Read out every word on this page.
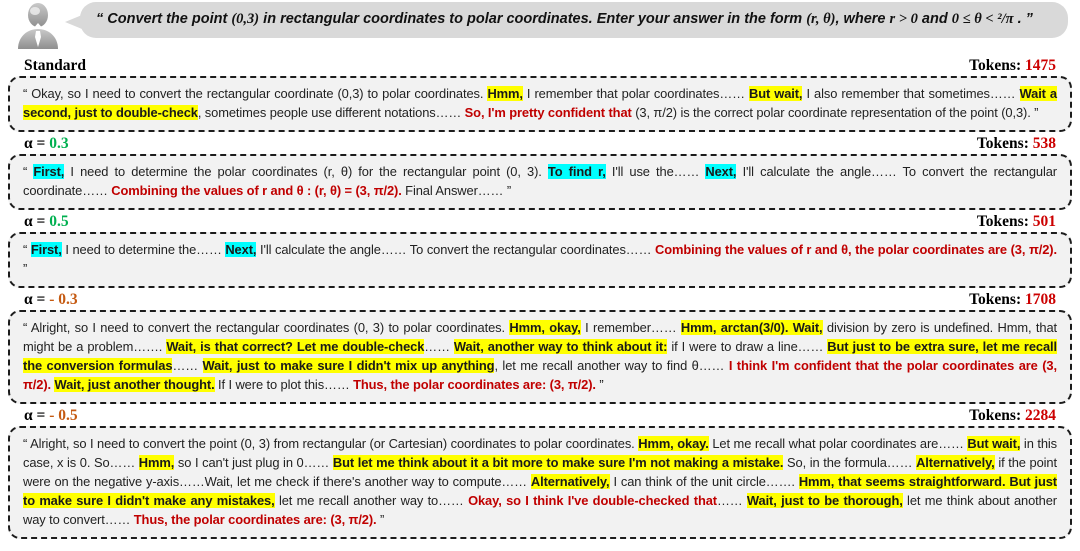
“ Convert the point (0,3) in rectangular coordinates to polar coordinates. Enter your answer in the form (r, θ), where r > 0 and 0 ≤ θ < ²/π . ”
Standard	Tokens: 1475

“ Okay, so I need to convert the rectangular coordinate (0,3) to polar coordinates. Hmm, I remember that polar coordinates…… But wait, I also remember that sometimes…… Wait a second, just to double-check, sometimes people use different notations…… So, I'm pretty confident that (3, π/2) is the correct polar coordinate representation of the point (0,3). ”

α = 0.3	Tokens: 538

“ First, I need to determine the polar coordinates (r, θ) for the rectangular point (0, 3). To find r, I'll use the…… Next, I'll calculate the angle…… To convert the rectangular coordinate…… Combining the values of r and θ : (r, θ) = (3, π/2). Final Answer…… ”

α = 0.5	Tokens: 501

“ First, I need to determine the…… Next, I'll calculate the angle…… To convert the rectangular coordinates…… Combining the values of r and θ, the polar coordinates are (3, π/2). ”

α = - 0.3	Tokens: 1708

“ Alright, so I need to convert the rectangular coordinates (0, 3) to polar coordinates. Hmm, okay, I remember…… Hmm, arctan(3/0). Wait, division by zero is undefined. Hmm, that might be a problem……. Wait, is that correct? Let me double-check…… Wait, another way to think about it: if I were to draw a line…… But just to be extra sure, let me recall the conversion formulas…… Wait, just to make sure I didn't mix up anything, let me recall another way to find θ…… I think I'm confident that the polar coordinates are (3, π/2). Wait, just another thought. If I were to plot this…… Thus, the polar coordinates are: (3, π/2). ”

α = - 0.5	Tokens: 2284

“ Alright, so I need to convert the point (0, 3) from rectangular (or Cartesian) coordinates to polar coordinates. Hmm, okay. Let me recall what polar coordinates are…… But wait, in this case, x is 0. So…… Hmm, so I can't just plug in 0…… But let me think about it a bit more to make sure I'm not making a mistake. So, in the formula…… Alternatively, if the point were on the negative y-axis……Wait, let me check if there's another way to compute…… Alternatively, I can think of the unit circle……. Hmm, that seems straightforward. But just to make sure I didn't make any mistakes, let me recall another way to…… Okay, so I think I've double-checked that…… Wait, just to be thorough, let me think about another way to convert…… Thus, the polar coordinates are: (3, π/2). ”
